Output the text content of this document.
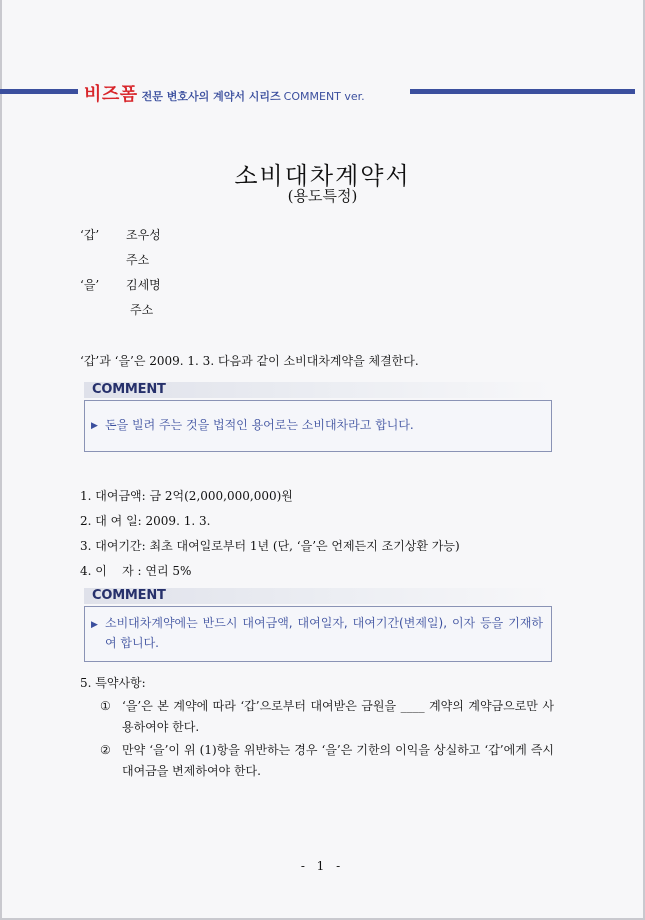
비즈폼 전문 변호사의 계약서 시리즈 COMMENT ver.
소비대차계약서
(용도특정)
‘갑’ 조우성
주소
‘을’ 김세명
주소
‘갑’과 ‘을’은 2009. 1. 3. 다음과 같이 소비대차계약을 체결한다.
COMMENT
▶ 돈을 빌려 주는 것을 법적인 용어로는 소비대차라고 합니다.
1. 대여금액: 금 2억(2,000,000,000)원
2. 대 여 일: 2009. 1. 3.
3. 대여기간: 최초 대여일로부터 1년 (단, ‘을’은 언제든지 조기상환 가능)
4. 이    자 : 연리 5%
COMMENT
▶ 소비대차계약에는 반드시 대여금액, 대여일자, 대여기간(변제일), 이자 등을 기재하여 합니다.
5. 특약사항:
① ‘을’은 본 계약에 따라 ‘갑’으로부터 대여받은 금원을 ____ 계약의 계약금으로만 사용하여야 한다.
② 만약 ‘을’이 위 (1)항을 위반하는 경우 ‘을’은 기한의 이익을 상실하고 ‘갑’에게 즉시 대여금을 변제하여야 한다.
- 1 -
